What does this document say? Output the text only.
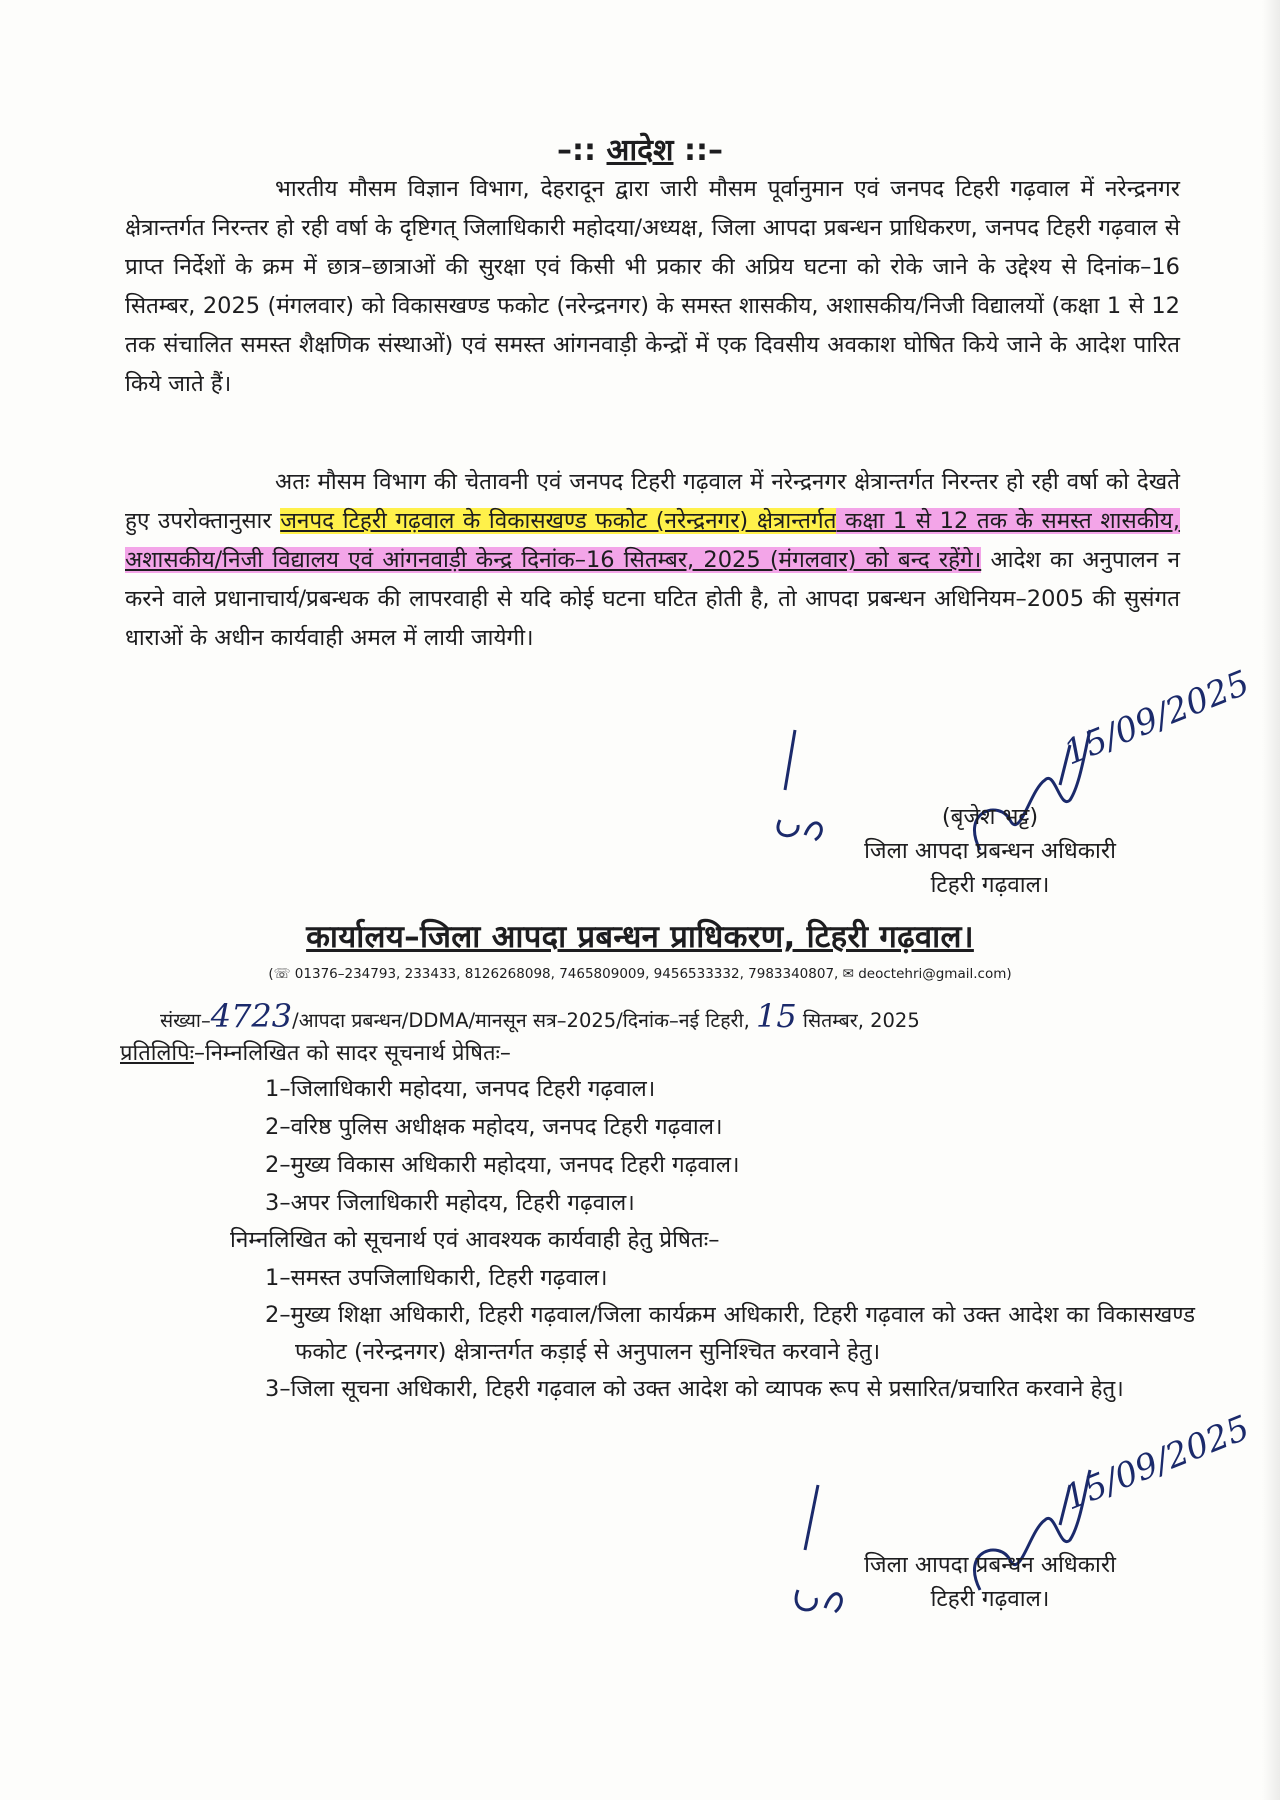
–:: आदेश ::–
भारतीय मौसम विज्ञान विभाग, देहरादून द्वारा जारी मौसम पूर्वानुमान एवं जनपद टिहरी गढ़वाल में नरेन्द्रनगर क्षेत्रान्तर्गत निरन्तर हो रही वर्षा के दृष्टिगत् जिलाधिकारी महोदया/अध्यक्ष, जिला आपदा प्रबन्धन प्राधिकरण, जनपद टिहरी गढ़वाल से प्राप्त निर्देशों के क्रम में छात्र–छात्राओं की सुरक्षा एवं किसी भी प्रकार की अप्रिय घटना को रोके जाने के उद्देश्य से दिनांक–16 सितम्बर, 2025 (मंगलवार) को विकासखण्ड फकोट (नरेन्द्रनगर) के समस्त शासकीय, अशासकीय/निजी विद्यालयों (कक्षा 1 से 12 तक संचालित समस्त शैक्षणिक संस्थाओं) एवं समस्त आंगनवाड़ी केन्द्रों में एक दिवसीय अवकाश घोषित किये जाने के आदेश पारित किये जाते हैं।
अतः मौसम विभाग की चेतावनी एवं जनपद टिहरी गढ़वाल में नरेन्द्रनगर क्षेत्रान्तर्गत निरन्तर हो रही वर्षा को देखते हुए उपरोक्तानुसार जनपद टिहरी गढ़वाल के विकासखण्ड फकोट (नरेन्द्रनगर) क्षेत्रान्तर्गत कक्षा 1 से 12 तक के समस्त शासकीय, अशासकीय/निजी विद्यालय एवं आंगनवाड़ी केन्द्र दिनांक–16 सितम्बर, 2025 (मंगलवार) को बन्द रहेंगे। आदेश का अनुपालन न करने वाले प्रधानाचार्य/प्रबन्धक की लापरवाही से यदि कोई घटना घटित होती है, तो आपदा प्रबन्धन अधिनियम–2005 की सुसंगत धाराओं के अधीन कार्यवाही अमल में लायी जायेगी।
15/09/2025
(बृजेश भट्ट)
जिला आपदा प्रबन्धन अधिकारी
टिहरी गढ़वाल।
कार्यालय–जिला आपदा प्रबन्धन प्राधिकरण, टिहरी गढ़वाल।
(☏ 01376–234793, 233433, 8126268098, 7465809009, 9456533332, 7983340807, ✉ deoctehri@gmail.com)
संख्या–4723/आपदा प्रबन्धन/DDMA/मानसून सत्र–2025/दिनांक–नई टिहरी, 15 सितम्बर, 2025
प्रतिलिपिः–निम्नलिखित को सादर सूचनार्थ प्रेषितः–
1–जिलाधिकारी महोदया, जनपद टिहरी गढ़वाल।
2–वरिष्ठ पुलिस अधीक्षक महोदय, जनपद टिहरी गढ़वाल।
2–मुख्य विकास अधिकारी महोदया, जनपद टिहरी गढ़वाल।
3–अपर जिलाधिकारी महोदय, टिहरी गढ़वाल।
निम्नलिखित को सूचनार्थ एवं आवश्यक कार्यवाही हेतु प्रेषितः–
1–समस्त उपजिलाधिकारी, टिहरी गढ़वाल।
2–मुख्य शिक्षा अधिकारी, टिहरी गढ़वाल/जिला कार्यक्रम अधिकारी, टिहरी गढ़वाल को उक्त आदेश का विकासखण्ड फकोट (नरेन्द्रनगर) क्षेत्रान्तर्गत कड़ाई से अनुपालन सुनिश्चित करवाने हेतु।
3–जिला सूचना अधिकारी, टिहरी गढ़वाल को उक्त आदेश को व्यापक रूप से प्रसारित/प्रचारित करवाने हेतु।
15/09/2025
जिला आपदा प्रबन्धन अधिकारी
टिहरी गढ़वाल।
